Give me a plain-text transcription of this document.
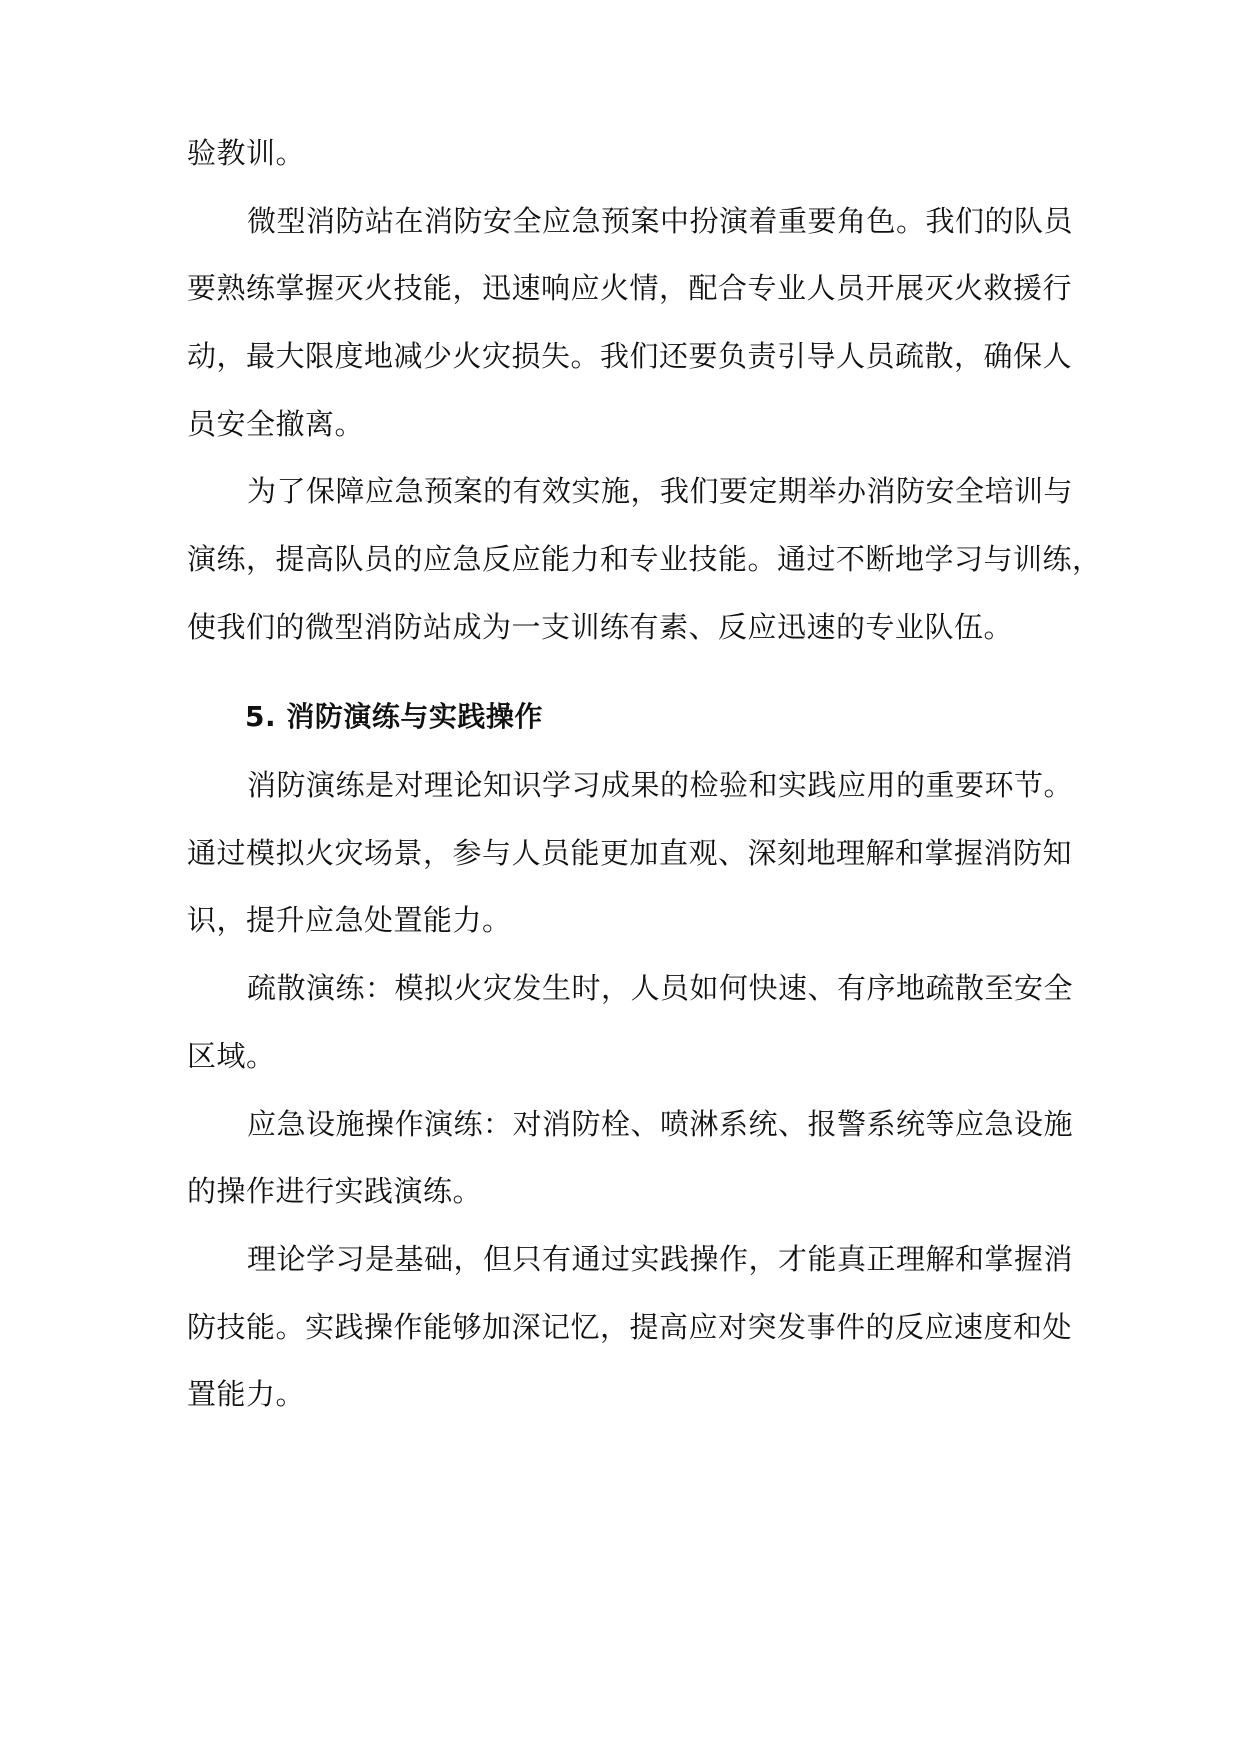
验教训。
微型消防站在消防安全应急预案中扮演着重要角色。我们的队员
要熟练掌握灭火技能，迅速响应火情，配合专业人员开展灭火救援行
动，最大限度地减少火灾损失。我们还要负责引导人员疏散，确保人
员安全撤离。
为了保障应急预案的有效实施，我们要定期举办消防安全培训与
演练，提高队员的应急反应能力和专业技能。通过不断地学习与训练，
使我们的微型消防站成为一支训练有素、反应迅速的专业队伍。
5. 消防演练与实践操作
消防演练是对理论知识学习成果的检验和实践应用的重要环节。
通过模拟火灾场景，参与人员能更加直观、深刻地理解和掌握消防知
识，提升应急处置能力。
疏散演练：模拟火灾发生时，人员如何快速、有序地疏散至安全
区域。
应急设施操作演练：对消防栓、喷淋系统、报警系统等应急设施
的操作进行实践演练。
理论学习是基础，但只有通过实践操作，才能真正理解和掌握消
防技能。实践操作能够加深记忆，提高应对突发事件的反应速度和处
置能力。
